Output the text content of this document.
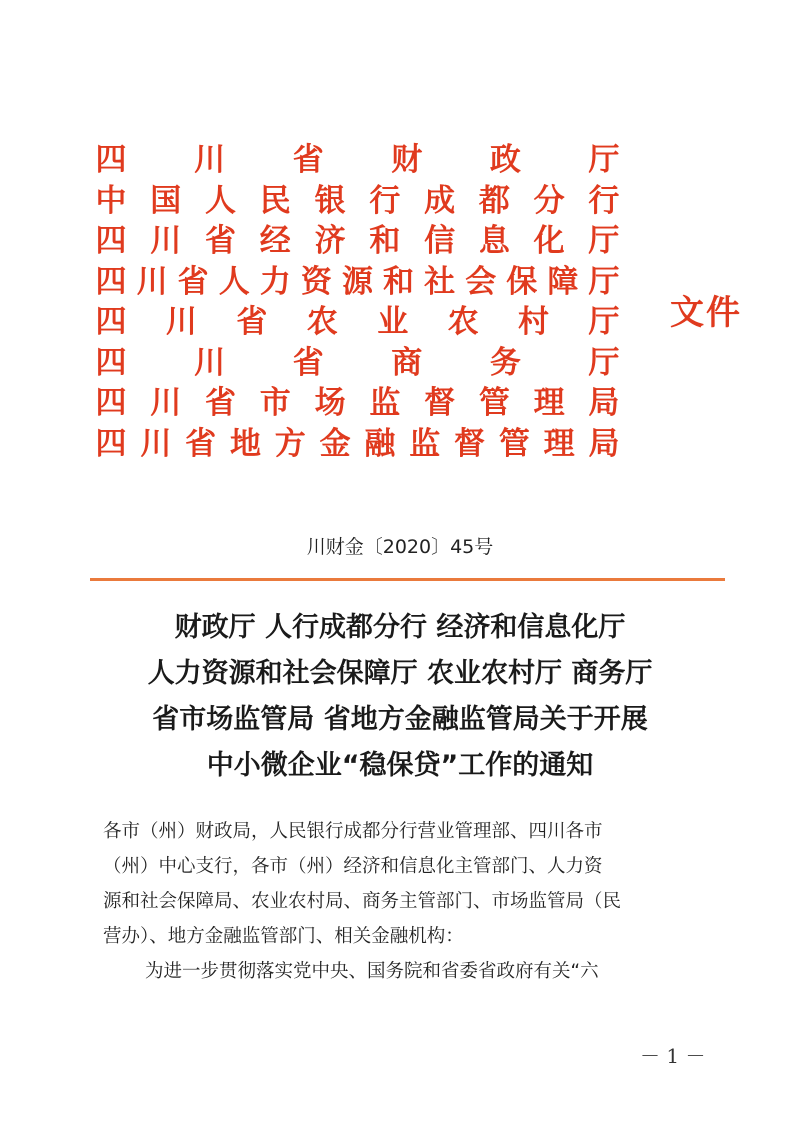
四 川 省 财 政 厅
中 国 人 民 银 行 成 都 分 行
四 川 省 经 济 和 信 息 化 厅
四 川 省 人 力 资 源 和 社 会 保 障 厅
四 川 省 农 业 农 村 厅
四 川 省 商 务 厅
四 川 省 市 场 监 督 管 理 局
四 川 省 地 方 金 融 监 督 管 理 局
文件
川财金〔2020〕45号
财政厅 人行成都分行 经济和信息化厅
人力资源和社会保障厅 农业农村厅 商务厅
省市场监管局 省地方金融监管局关于开展
中小微企业“稳保贷”工作的通知
各市（州）财政局，人民银行成都分行营业管理部、四川各市
（州）中心支行，各市（州）经济和信息化主管部门、人力资
源和社会保障局、农业农村局、商务主管部门、市场监管局（民
营办）、地方金融监管部门、相关金融机构：
为进一步贯彻落实党中央、国务院和省委省政府有关“六
－ 1 －
